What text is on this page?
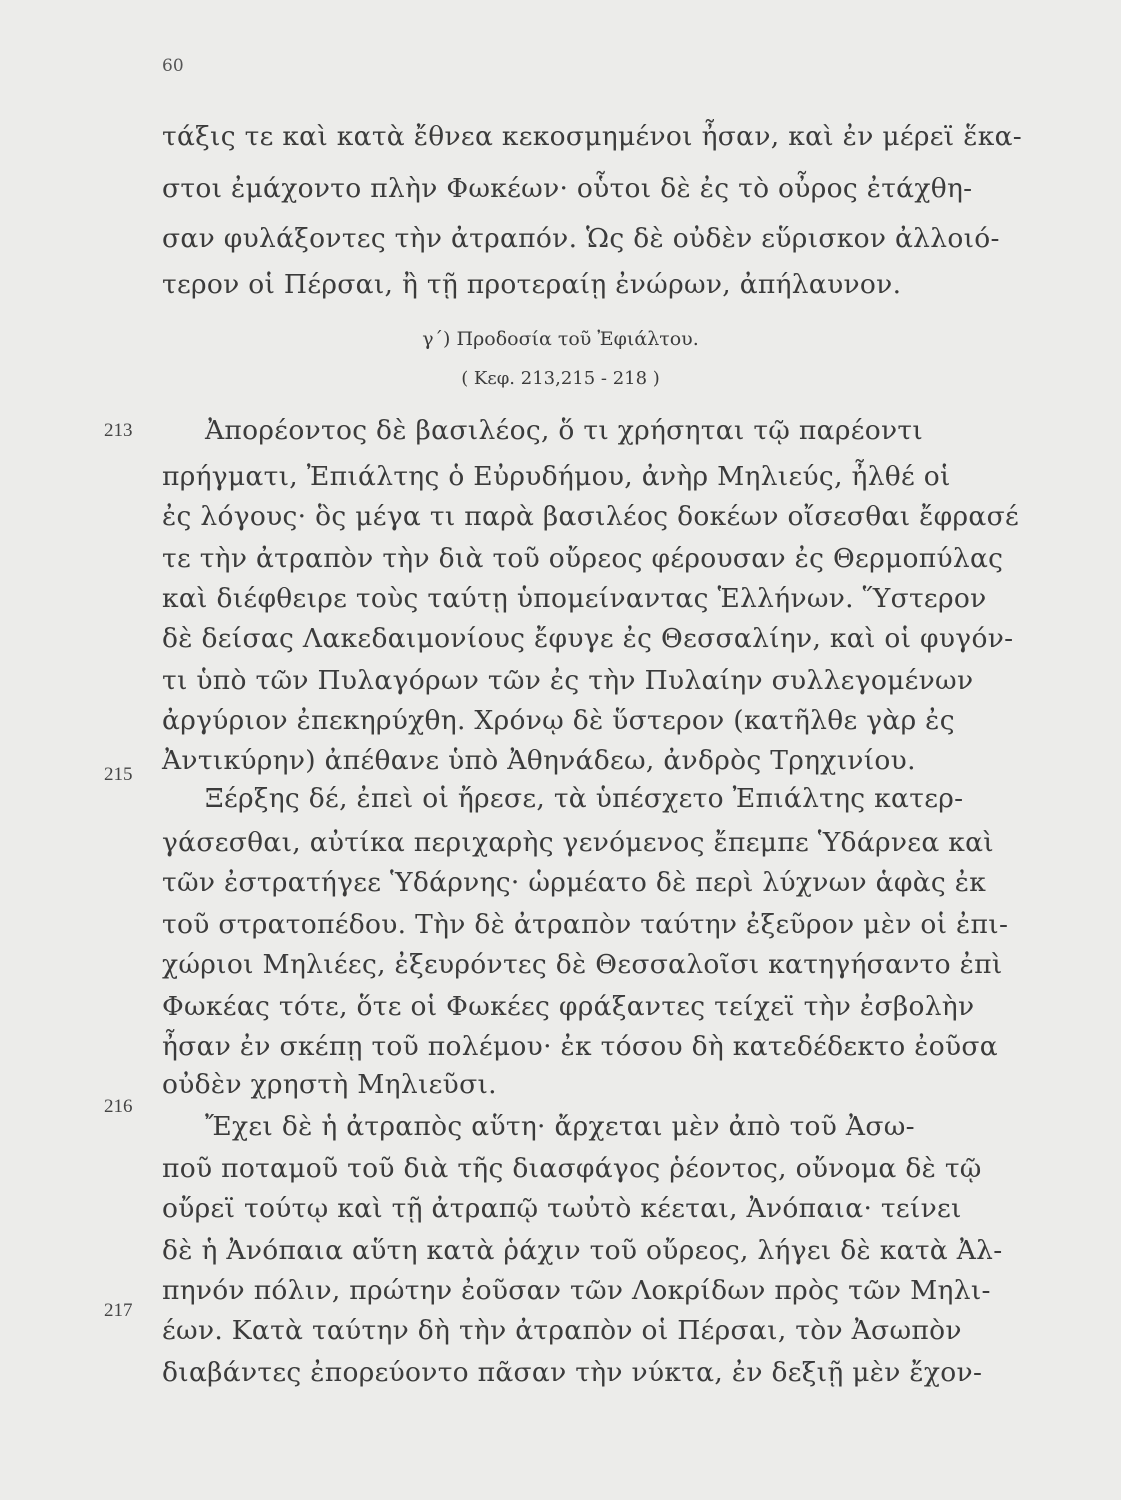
60
τάξις τε καὶ κατὰ ἔθνεα κεκοσμημένοι ἦσαν, καὶ ἐν μέρεϊ ἕκα-
στοι ἐμάχοντο πλὴν Φωκέων· οὗτοι δὲ ἐς τὸ οὖρος ἐτάχθη-
σαν φυλάξοντες τὴν ἀτραπόν. Ὡς δὲ οὐδὲν εὕρισκον ἀλλοιό-
τερον οἱ Πέρσαι, ἢ τῇ προτεραίῃ ἐνώρων, ἀπήλαυνον.
γ΄) Προδοσία τοῦ Ἐφιάλτου.
( Κεφ. 213,215 - 218 )
213
215
216
217
Ἀπορέοντος δὲ βασιλέος, ὅ τι χρήσηται τῷ παρέοντι
πρήγματι, Ἐπιάλτης ὁ Εὐρυδήμου, ἀνὴρ Μηλιεύς, ἦλθέ οἱ
ἐς λόγους· ὃς μέγα τι παρὰ βασιλέος δοκέων οἴσεσθαι ἔφρασέ
τε τὴν ἀτραπὸν τὴν διὰ τοῦ οὔρεος φέρουσαν ἐς Θερμοπύλας
καὶ διέφθειρε τοὺς ταύτῃ ὑπομείναντας Ἑλλήνων. Ὕστερον
δὲ δείσας Λακεδαιμονίους ἔφυγε ἐς Θεσσαλίην, καὶ οἱ φυγόν-
τι ὑπὸ τῶν Πυλαγόρων τῶν ἐς τὴν Πυλαίην συλλεγομένων
ἀργύριον ἐπεκηρύχθη. Χρόνῳ δὲ ὕστερον (κατῆλθε γὰρ ἐς
Ἀντικύρην) ἀπέθανε ὑπὸ Ἀθηνάδεω, ἀνδρὸς Τρηχινίου.
Ξέρξης δέ, ἐπεὶ οἱ ἤρεσε, τὰ ὑπέσχετο Ἐπιάλτης κατερ-
γάσεσθαι, αὐτίκα περιχαρὴς γενόμενος ἔπεμπε Ὑδάρνεα καὶ
τῶν ἐστρατήγεε Ὑδάρνης· ὡρμέατο δὲ περὶ λύχνων ἁφὰς ἐκ
τοῦ στρατοπέδου. Τὴν δὲ ἀτραπὸν ταύτην ἐξεῦρον μὲν οἱ ἐπι-
χώριοι Μηλιέες, ἐξευρόντες δὲ Θεσσαλοῖσι κατηγήσαντο ἐπὶ
Φωκέας τότε, ὅτε οἱ Φωκέες φράξαντες τείχεϊ τὴν ἐσβολὴν
ἦσαν ἐν σκέπῃ τοῦ πολέμου· ἐκ τόσου δὴ κατεδέδεκτο ἐοῦσα
οὐδὲν χρηστὴ Μηλιεῦσι.
Ἔχει δὲ ἡ ἀτραπὸς αὕτη· ἄρχεται μὲν ἀπὸ τοῦ Ἀσω-
ποῦ ποταμοῦ τοῦ διὰ τῆς διασφάγος ῥέοντος, οὔνομα δὲ τῷ
οὔρεϊ τούτῳ καὶ τῇ ἀτραπῷ τωὐτὸ κέεται, Ἀνόπαια· τείνει
δὲ ἡ Ἀνόπαια αὕτη κατὰ ῥάχιν τοῦ οὔρεος, λήγει δὲ κατὰ Ἀλ-
πηνόν πόλιν, πρώτην ἐοῦσαν τῶν Λοκρίδων πρὸς τῶν Μηλι-
έων. Κατὰ ταύτην δὴ τὴν ἀτραπὸν οἱ Πέρσαι, τὸν Ἀσωπὸν
διαβάντες ἐπορεύοντο πᾶσαν τὴν νύκτα, ἐν δεξιῇ μὲν ἔχον-
